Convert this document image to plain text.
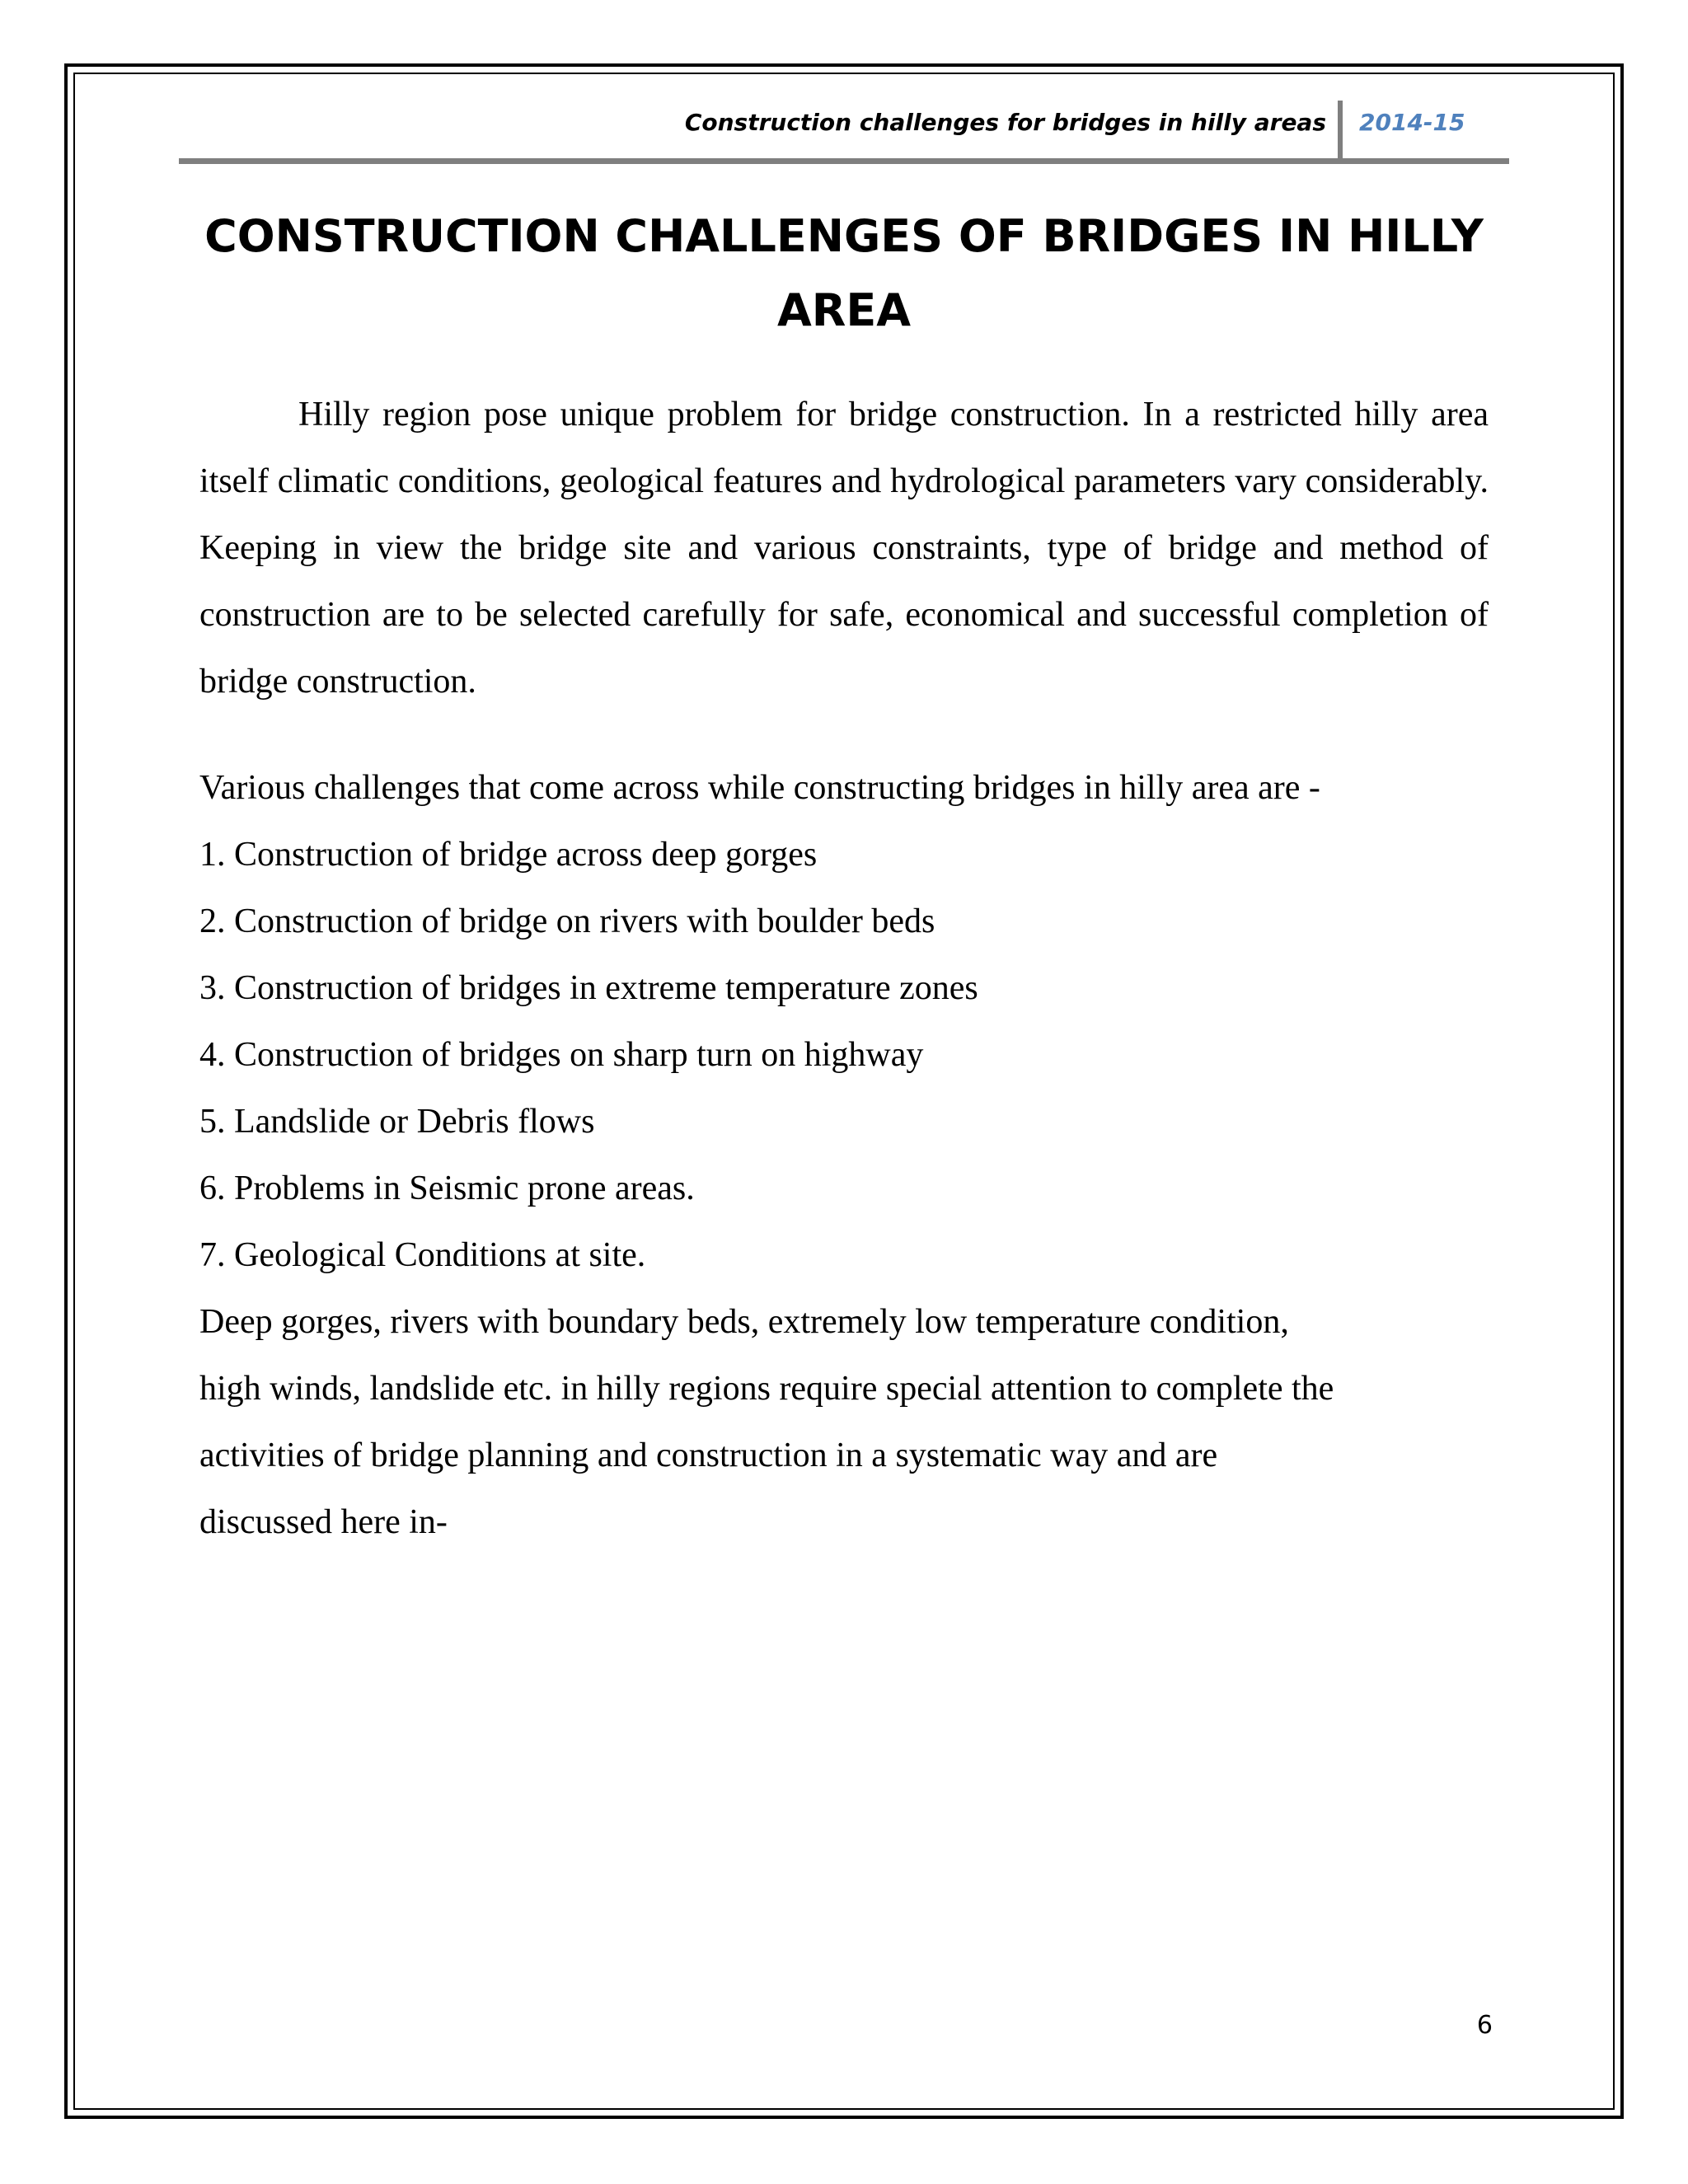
Construction challenges for bridges in hilly areas 2014-15
CONSTRUCTION CHALLENGES OF BRIDGES IN HILLY
AREA

Hilly region pose unique problem for bridge construction. In a restricted hilly area itself climatic conditions, geological features and hydrological parameters vary considerably. Keeping in view the bridge site and various constraints, type of bridge and method of construction are to be selected carefully for safe, economical and successful completion of bridge construction.

Various challenges that come across while constructing bridges in hilly area are -
1. Construction of bridge across deep gorges
2. Construction of bridge on rivers with boulder beds
3. Construction of bridges in extreme temperature zones
4. Construction of bridges on sharp turn on highway
5. Landslide or Debris flows
6. Problems in Seismic prone areas.
7. Geological Conditions at site.
Deep gorges, rivers with boundary beds, extremely low temperature condition,
high winds, landslide etc. in hilly regions require special attention to complete the
activities of bridge planning and construction in a systematic way and are
discussed here in-
6
